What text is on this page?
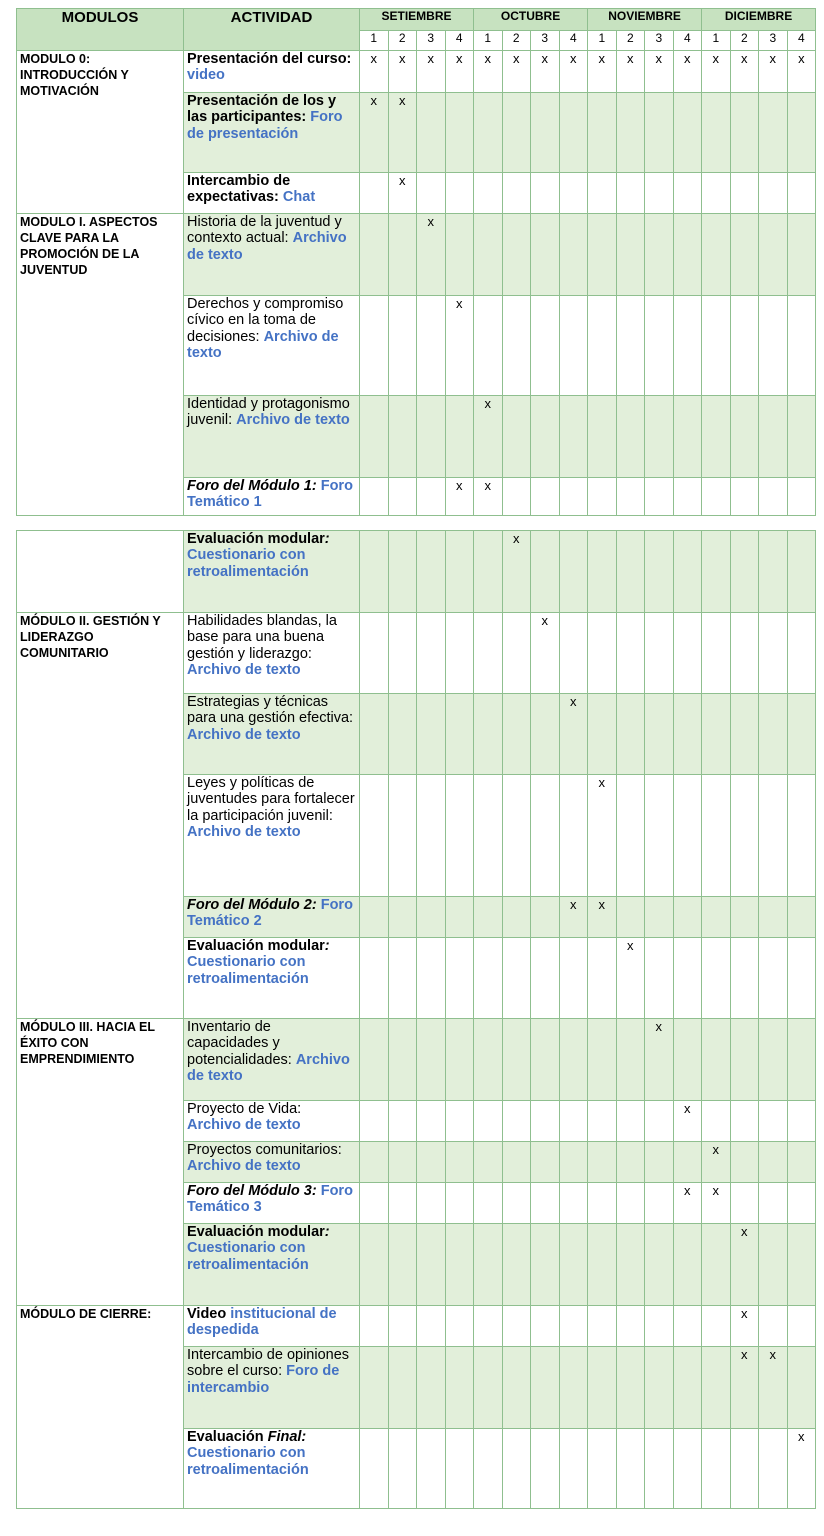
MODULOS	ACTIVIDAD	SETIEMBRE				OCTUBRE				NOVIEMBRE				DICIEMBRE			
		1	2	3	4	1	2	3	4	1	2	3	4	1	2	3	4
MODULO 0: INTRODUCCIÓN Y MOTIVACIÓN	Presentación del curso: video	x	x	x	x	x	x	x	x	x	x	x	x	x	x	x	x
	Presentación de los y las participantes: Foro de presentación	x	x														
	Intercambio de expectativas: Chat		x														
MODULO I. ASPECTOS CLAVE PARA LA PROMOCIÓN DE LA JUVENTUD	Historia de la juventud y contexto actual: Archivo de texto			x													
	Derechos y compromiso cívico en la toma de decisiones: Archivo de texto				x												
	Identidad y protagonismo juvenil: Archivo de texto					x											
	Foro del Módulo 1: Foro Temático 1				x	x											
	Evaluación modular: Cuestionario con retroalimentación						x										
MÓDULO II. GESTIÓN Y LIDERAZGO COMUNITARIO	Habilidades blandas, la base para una buena gestión y liderazgo: Archivo de texto							x									
	Estrategias y técnicas para una gestión efectiva: Archivo de texto								x								
	Leyes y políticas de juventudes para fortalecer la participación juvenil: Archivo de texto									x							
	Foro del Módulo 2: Foro Temático 2								x	x							
	Evaluación modular: Cuestionario con retroalimentación										x						
MÓDULO III. HACIA EL ÉXITO CON EMPRENDIMIENTO	Inventario de capacidades y potencialidades: Archivo de texto											x					
	Proyecto de Vida: Archivo de texto												x				
	Proyectos comunitarios: Archivo de texto													x			
	Foro del Módulo 3: Foro Temático 3												x	x			
	Evaluación modular: Cuestionario con retroalimentación														x		
MÓDULO DE CIERRE:	Video institucional de despedida														x		
	Intercambio de opiniones sobre el curso: Foro de intercambio														x	x	
	Evaluación Final: Cuestionario con retroalimentación																x
